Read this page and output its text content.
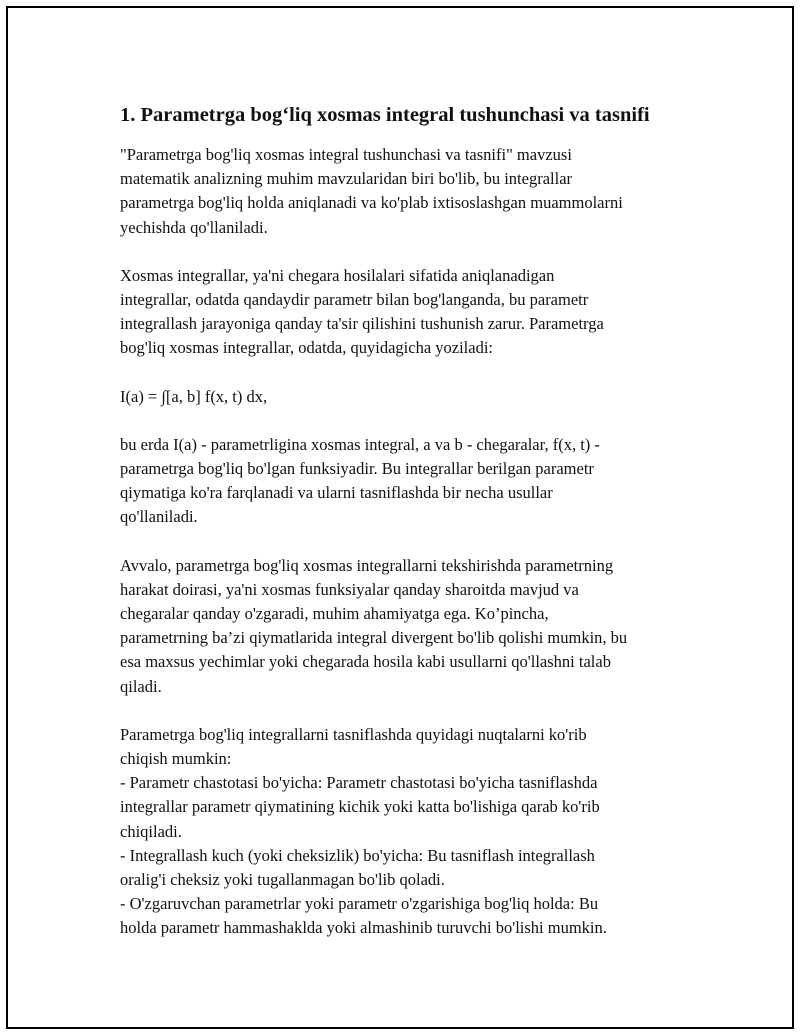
1. Parametrga bog‘liq xosmas integral tushunchasi va tasnifi

"Parametrga bog'liq xosmas integral tushunchasi va tasnifi" mavzusi
matematik analizning muhim mavzularidan biri bo'lib, bu integrallar
parametrga bog'liq holda aniqlanadi va ko'plab ixtisoslashgan muammolarni
yechishda qo'llaniladi.

Xosmas integrallar, ya'ni chegara hosilalari sifatida aniqlanadigan
integrallar, odatda qandaydir parametr bilan bog'langanda, bu parametr
integrallash jarayoniga qanday ta'sir qilishini tushunish zarur. Parametrga
bog'liq xosmas integrallar, odatda, quyidagicha yoziladi:

I(a) = ∫[a, b] f(x, t) dx,

bu erda I(a) - parametrligina xosmas integral, a va b - chegaralar, f(x, t) -
parametrga bog'liq bo'lgan funksiyadir. Bu integrallar berilgan parametr
qiymatiga ko'ra farqlanadi va ularni tasniflashda bir necha usullar
qo'llaniladi.

Avvalo, parametrga bog'liq xosmas integrallarni tekshirishda parametrning
harakat doirasi, ya'ni xosmas funksiyalar qanday sharoitda mavjud va
chegaralar qanday o'zgaradi, muhim ahamiyatga ega. Ko’pincha,
parametrning ba’zi qiymatlarida integral divergent bo'lib qolishi mumkin, bu
esa maxsus yechimlar yoki chegarada hosila kabi usullarni qo'llashni talab
qiladi.

Parametrga bog'liq integrallarni tasniflashda quyidagi nuqtalarni ko'rib
chiqish mumkin:
- Parametr chastotasi bo'yicha: Parametr chastotasi bo'yicha tasniflashda
integrallar parametr qiymatining kichik yoki katta bo'lishiga qarab ko'rib
chiqiladi.
- Integrallash kuch (yoki cheksizlik) bo'yicha: Bu tasniflash integrallash
oralig'i cheksiz yoki tugallanmagan bo'lib qoladi.
- O'zgaruvchan parametrlar yoki parametr o'zgarishiga bog'liq holda: Bu
holda parametr hammashaklda yoki almashinib turuvchi bo'lishi mumkin.
